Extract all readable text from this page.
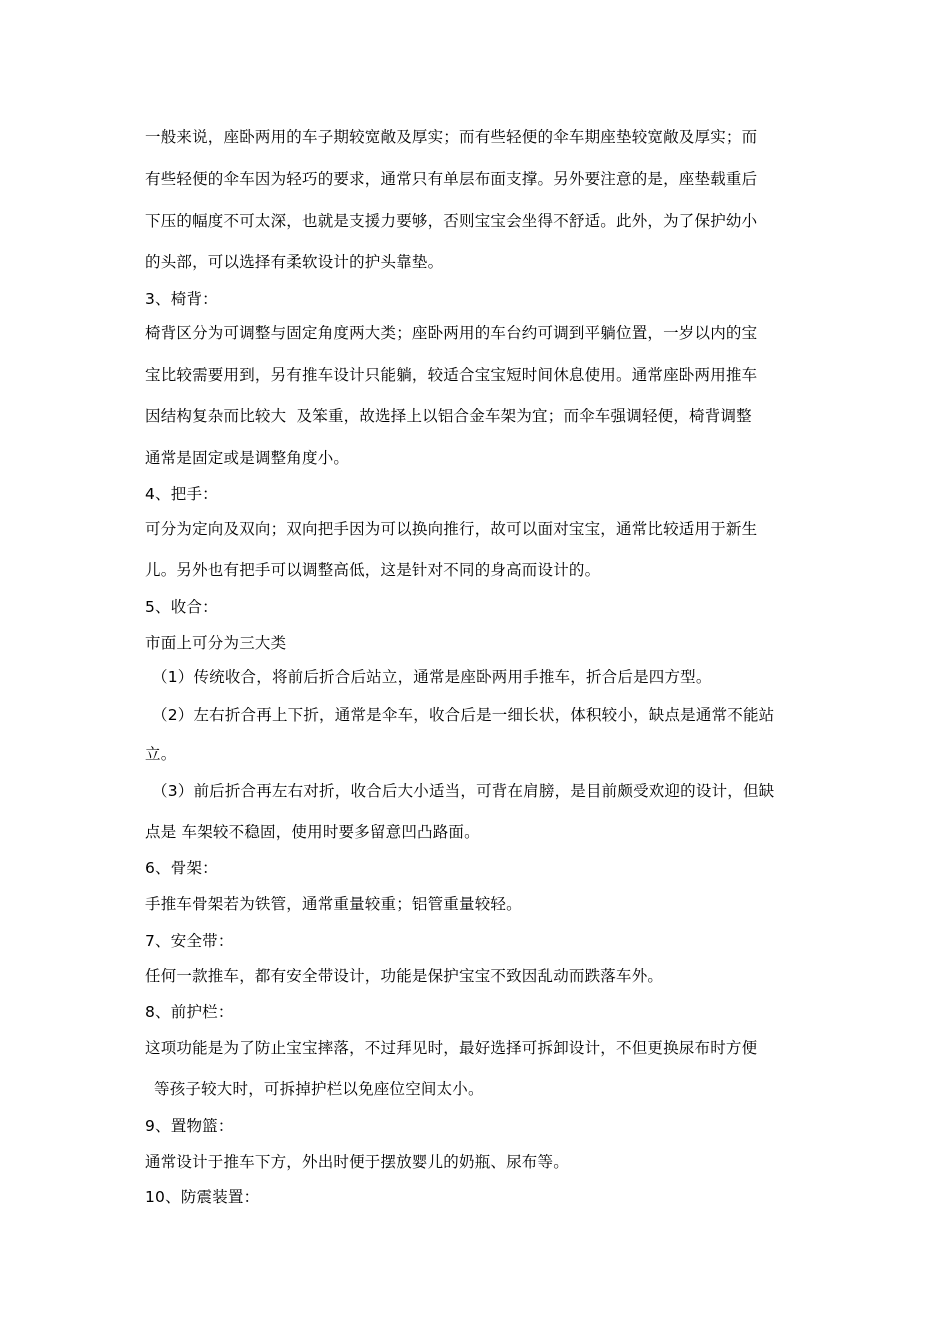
一般来说，座卧两用的车子期较宽敞及厚实；而有些轻便的伞车期座垫较宽敞及厚实；而

有些轻便的伞车因为轻巧的要求，通常只有单层布面支撑。另外要注意的是，座垫载重后

下压的幅度不可太深，也就是支援力要够，否则宝宝会坐得不舒适。此外，为了保护幼小

的头部，可以选择有柔软设计的护头靠垫。

3、椅背：

椅背区分为可调整与固定角度两大类；座卧两用的车台约可调到平躺位置，一岁以内的宝

宝比较需要用到，另有推车设计只能躺，较适合宝宝短时间休息使用。通常座卧两用推车

因结构复杂而比较大  及笨重，故选择上以铝合金车架为宜；而伞车强调轻便，椅背调整

通常是固定或是调整角度小。

4、把手：

可分为定向及双向；双向把手因为可以换向推行，故可以面对宝宝，通常比较适用于新生

儿。另外也有把手可以调整高低，这是针对不同的身高而设计的。

5、收合：

市面上可分为三大类

（1）传统收合，将前后折合后站立，通常是座卧两用手推车，折合后是四方型。

（2）左右折合再上下折，通常是伞车，收合后是一细长状，体积较小，缺点是通常不能站

立。

（3）前后折合再左右对折，收合后大小适当，可背在肩膀，是目前颇受欢迎的设计，但缺

点是 车架较不稳固，使用时要多留意凹凸路面。

6、骨架：

手推车骨架若为铁管，通常重量较重；铝管重量较轻。

7、安全带：

任何一款推车，都有安全带设计，功能是保护宝宝不致因乱动而跌落车外。

8、前护栏：

这项功能是为了防止宝宝摔落，不过拜见时，最好选择可拆卸设计，不但更换尿布时方便

等孩子较大时，可拆掉护栏以免座位空间太小。

9、置物篮：

通常设计于推车下方，外出时便于摆放婴儿的奶瓶、尿布等。

10、防震装置：
